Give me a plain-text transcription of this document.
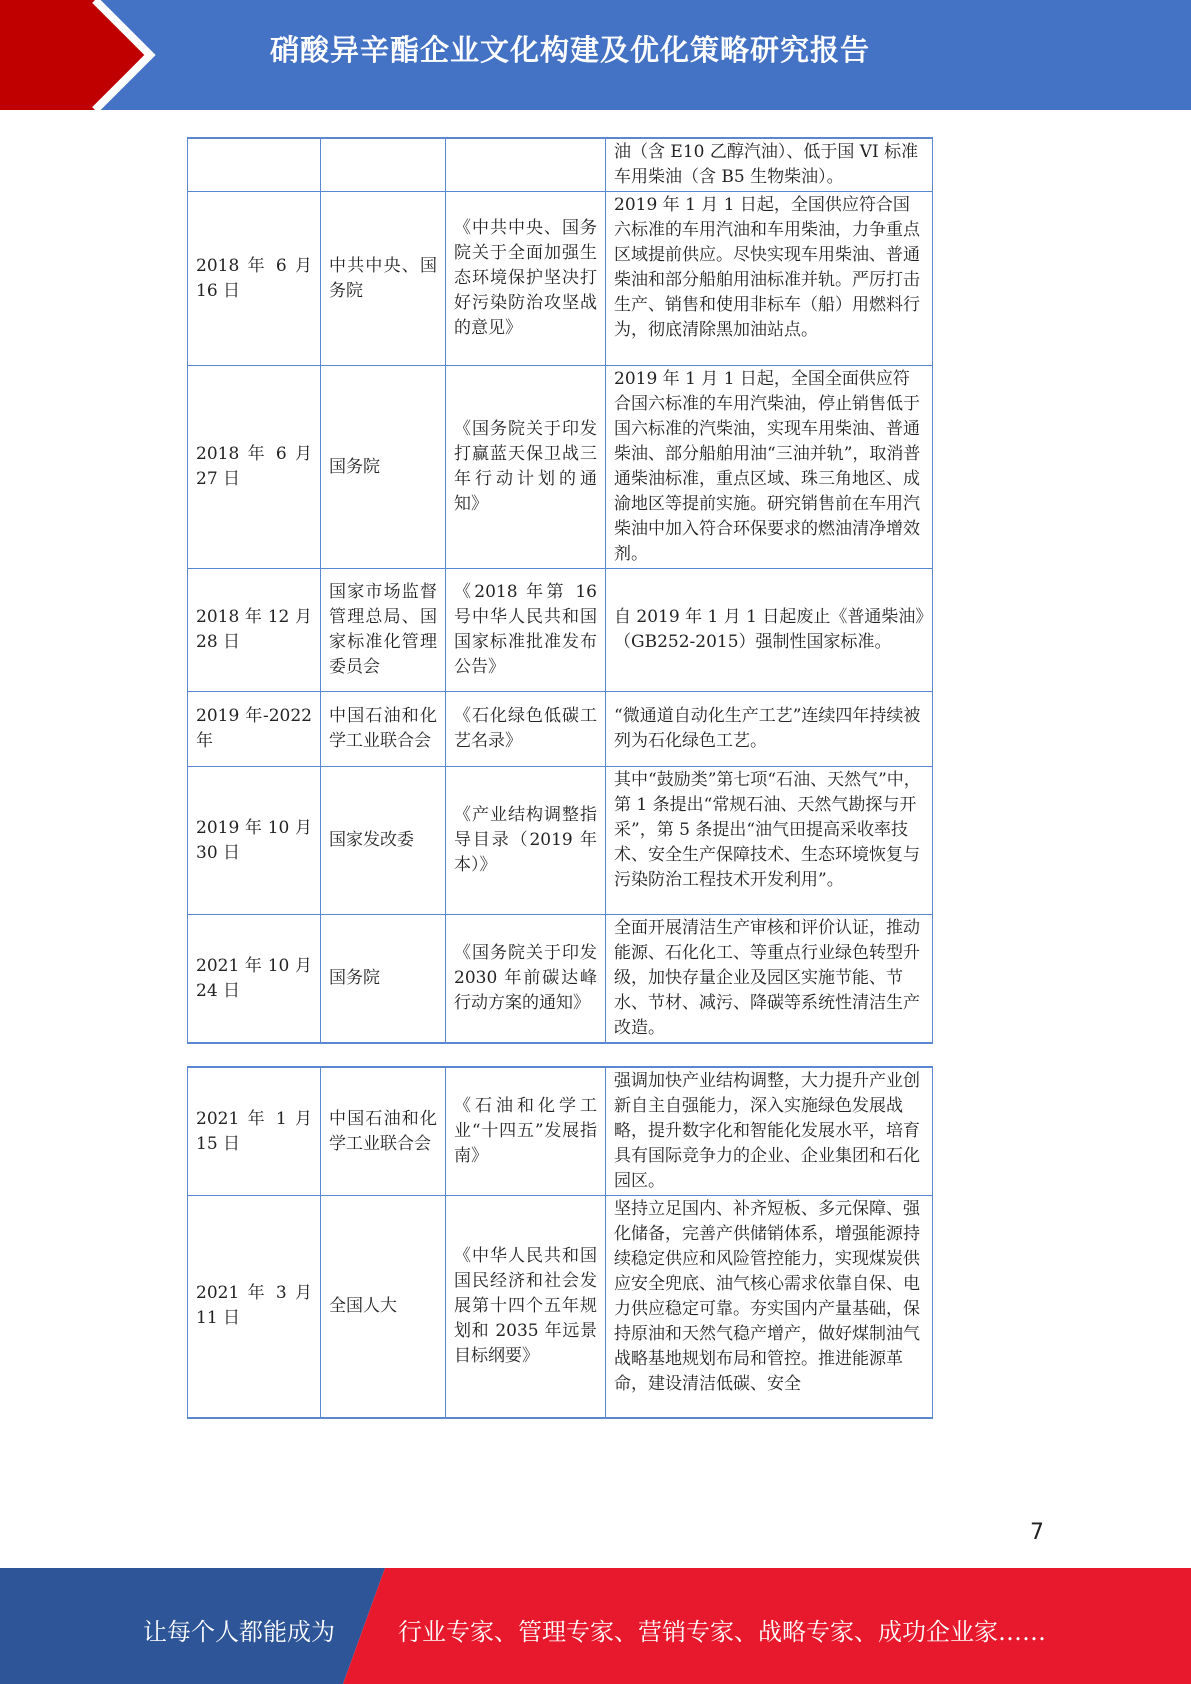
硝酸异辛酯企业文化构建及优化策略研究报告
			油（含 E10 乙醇汽油）、低于国 VI 标准车用柴油（含 B5 生物柴油）。
2018 年 6 月 16 日	中共中央、国务院	《中共中央、国务院关于全面加强生态环境保护坚决打好污染防治攻坚战的意见》	2019 年 1 月 1 日起，全国供应符合国六标准的车用汽油和车用柴油，力争重点区域提前供应。尽快实现车用柴油、普通柴油和部分船舶用油标准并轨。严厉打击生产、销售和使用非标车（船）用燃料行为，彻底清除黑加油站点。
2018 年 6 月 27 日	国务院	《国务院关于印发打赢蓝天保卫战三年行动计划的通知》	2019 年 1 月 1 日起，全国全面供应符合国六标准的车用汽柴油，停止销售低于国六标准的汽柴油，实现车用柴油、普通柴油、部分船舶用油“三油并轨”，取消普通柴油标准，重点区域、珠三角地区、成渝地区等提前实施。研究销售前在车用汽柴油中加入符合环保要求的燃油清净增效剂。
2018 年 12 月 28 日	国家市场监督管理总局、国家标准化管理委员会	《2018 年第 16 号中华人民共和国国家标准批准发布公告》	自 2019 年 1 月 1 日起废止《普通柴油》（GB252-2015）强制性国家标准。
2019 年-2022 年	中国石油和化学工业联合会	《石化绿色低碳工艺名录》	“微通道自动化生产工艺”连续四年持续被列为石化绿色工艺。
2019 年 10 月 30 日	国家发改委	《产业结构调整指导目录（2019 年本）》	其中“鼓励类”第七项“石油、天然气”中，第 1 条提出“常规石油、天然气勘探与开采”，第 5 条提出“油气田提高采收率技术、安全生产保障技术、生态环境恢复与污染防治工程技术开发利用”。
2021 年 10 月 24 日	国务院	《国务院关于印发 2030 年前碳达峰行动方案的通知》	全面开展清洁生产审核和评价认证，推动能源、石化化工、等重点行业绿色转型升级，加快存量企业及园区实施节能、节水、节材、减污、降碳等系统性清洁生产改造。
2021 年 1 月 15 日	中国石油和化学工业联合会	《石油和化学工业“十四五”发展指南》	强调加快产业结构调整，大力提升产业创新自主自强能力，深入实施绿色发展战略，提升数字化和智能化发展水平，培育具有国际竞争力的企业、企业集团和石化园区。
2021 年 3 月 11 日	全国人大	《中华人民共和国国民经济和社会发展第十四个五年规划和 2035 年远景目标纲要》	坚持立足国内、补齐短板、多元保障、强化储备，完善产供储销体系，增强能源持续稳定供应和风险管控能力，实现煤炭供应安全兜底、油气核心需求依靠自保、电力供应稳定可靠。夯实国内产量基础，保持原油和天然气稳产增产，做好煤制油气战略基地规划布局和管控。推进能源革命，建设清洁低碳、安全
7
让每个人都能成为	行业专家、管理专家、营销专家、战略专家、成功企业家……
